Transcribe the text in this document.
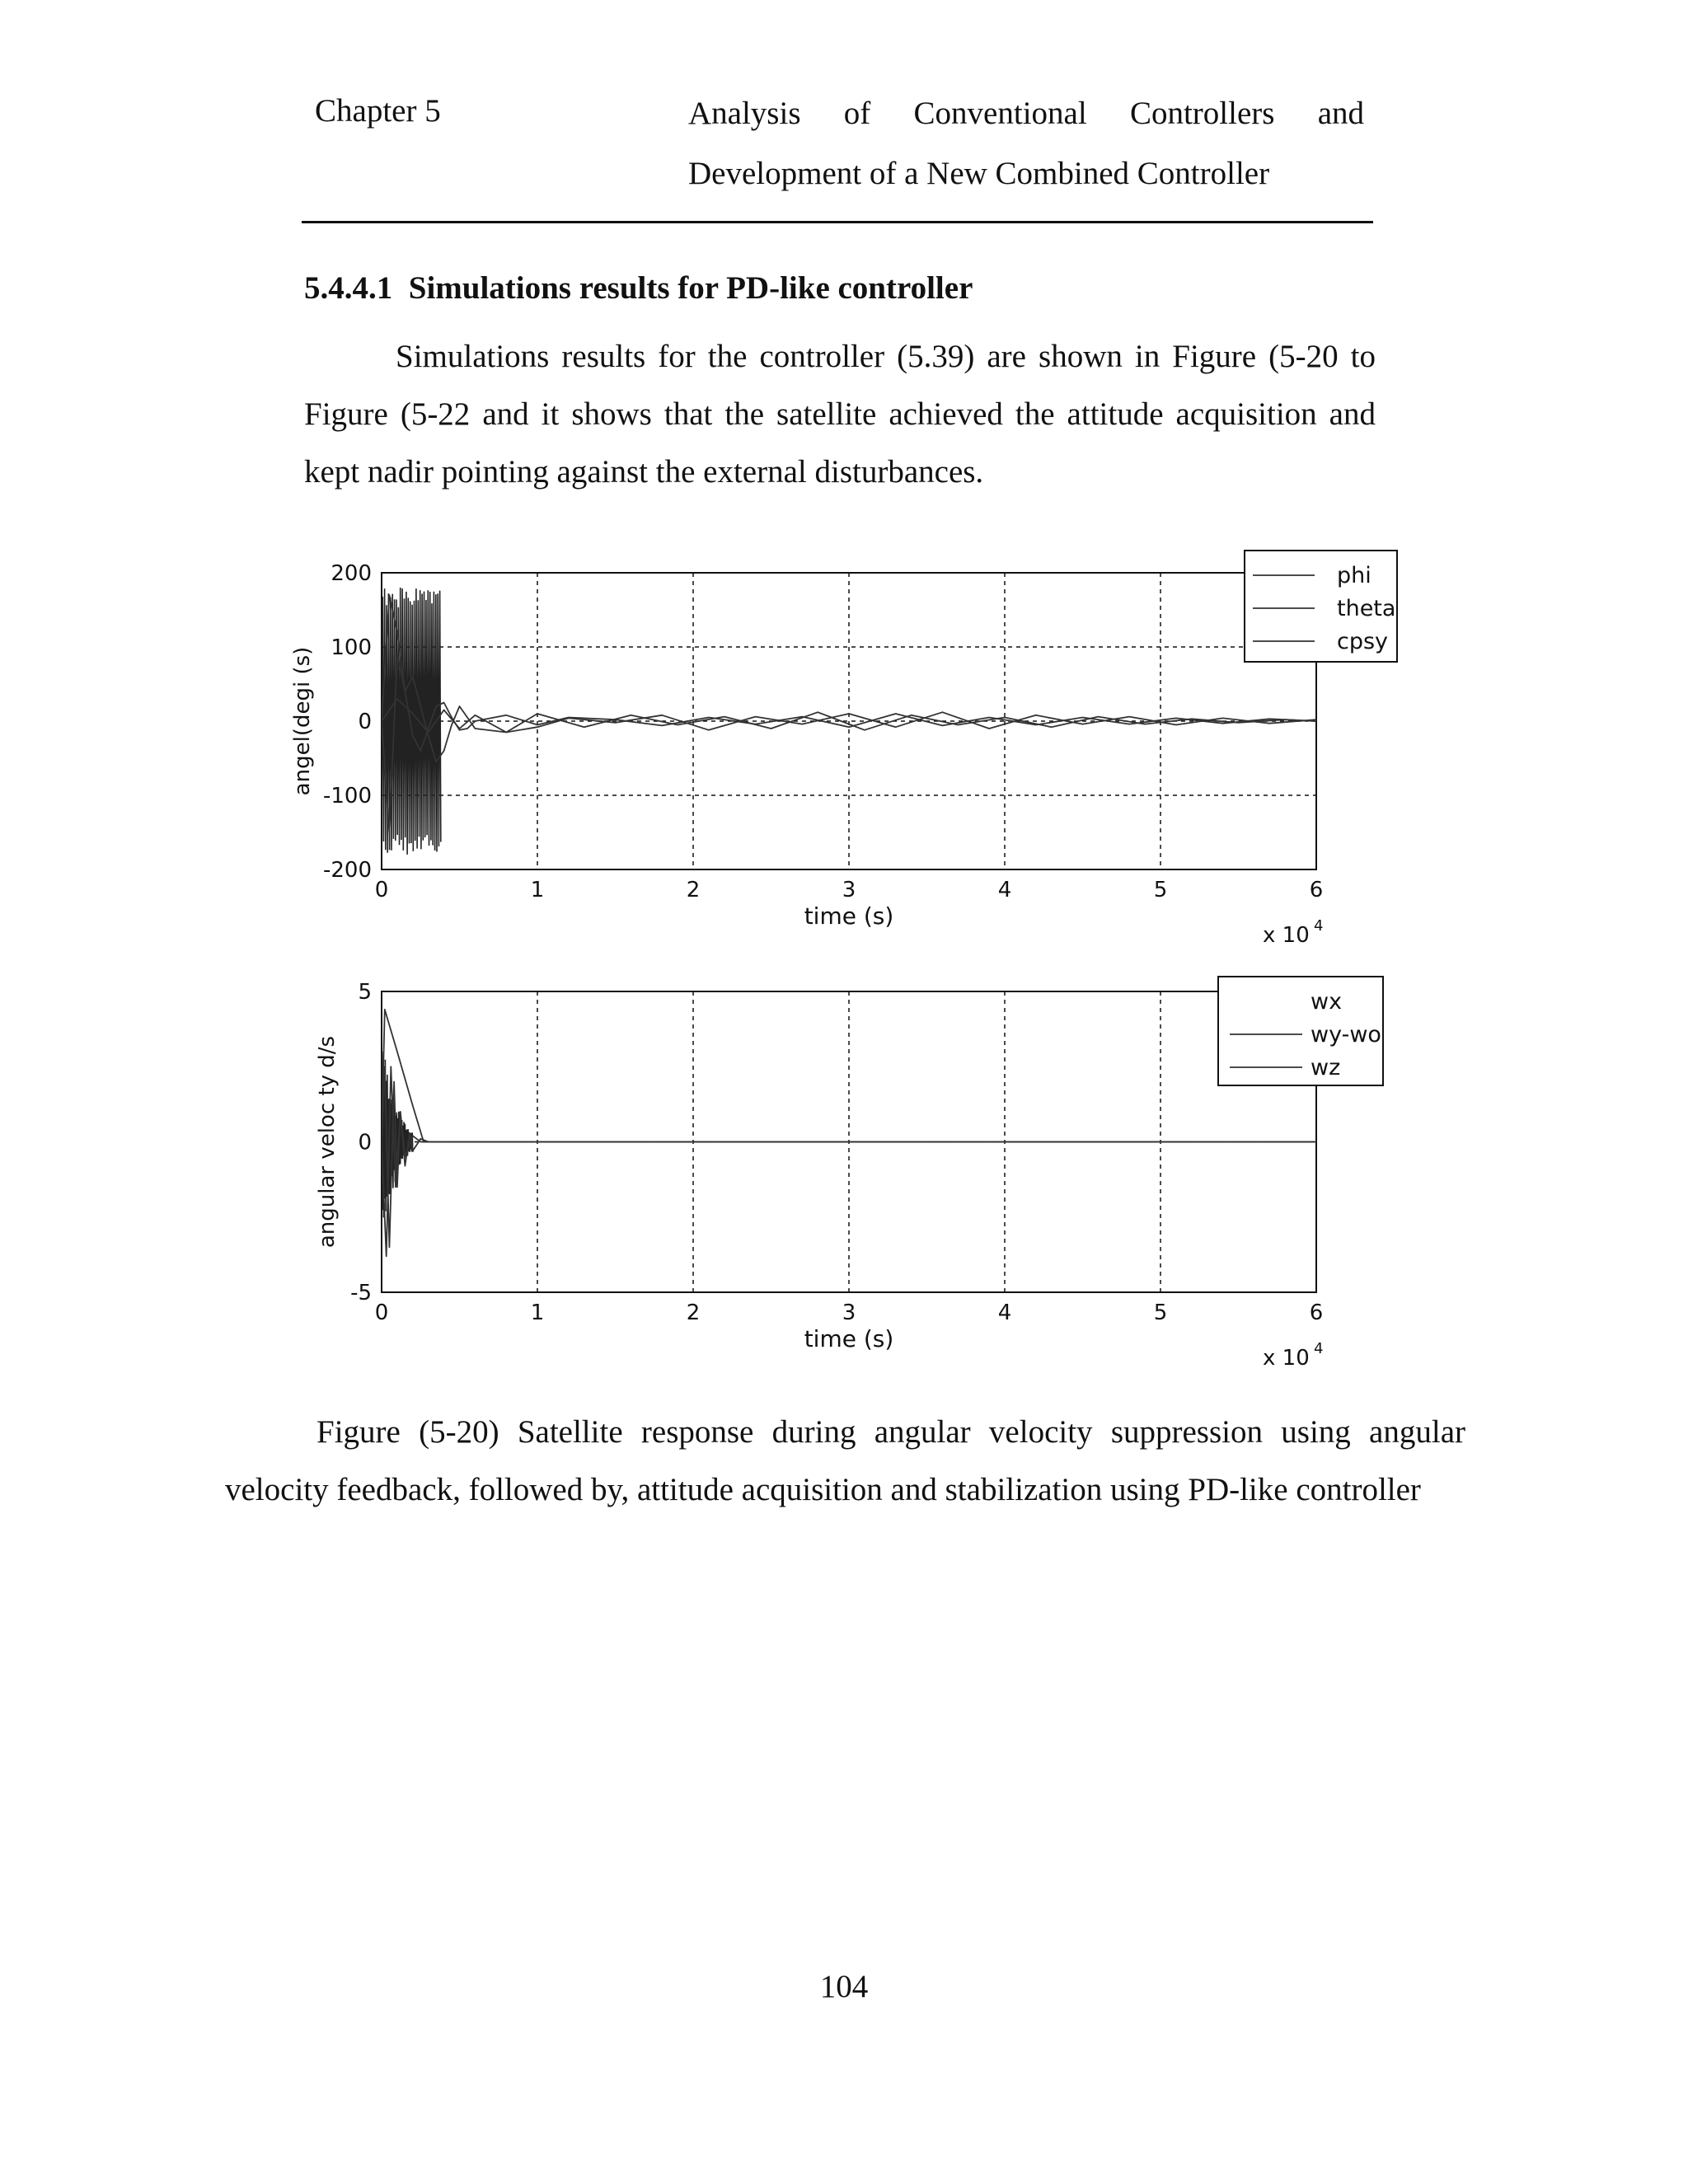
Chapter 5	Analysis of Conventional Controllers and
Development of a New Combined Controller
5.4.4.1  Simulations results for PD-like controller

Simulations results for the controller (5.39) are shown in Figure (5-20 to Figure (5-22 and it shows that the satellite achieved the attitude acquisition and kept nadir pointing against the external disturbances.

0	1	2	3	4	5	6
200
100
0
-100
-200
time (s)
x 10 4
angel(degi (s)
phi
theta
cpsy
0	1	2	3	4	5	6
5
0
-5
time (s)
x 10 4
angular veloc ty d/s
wx
wy-wo
wz

Figure (5-20) Satellite response during angular velocity suppression using angular velocity feedback, followed by, attitude acquisition and stabilization using PD-like controller

104
